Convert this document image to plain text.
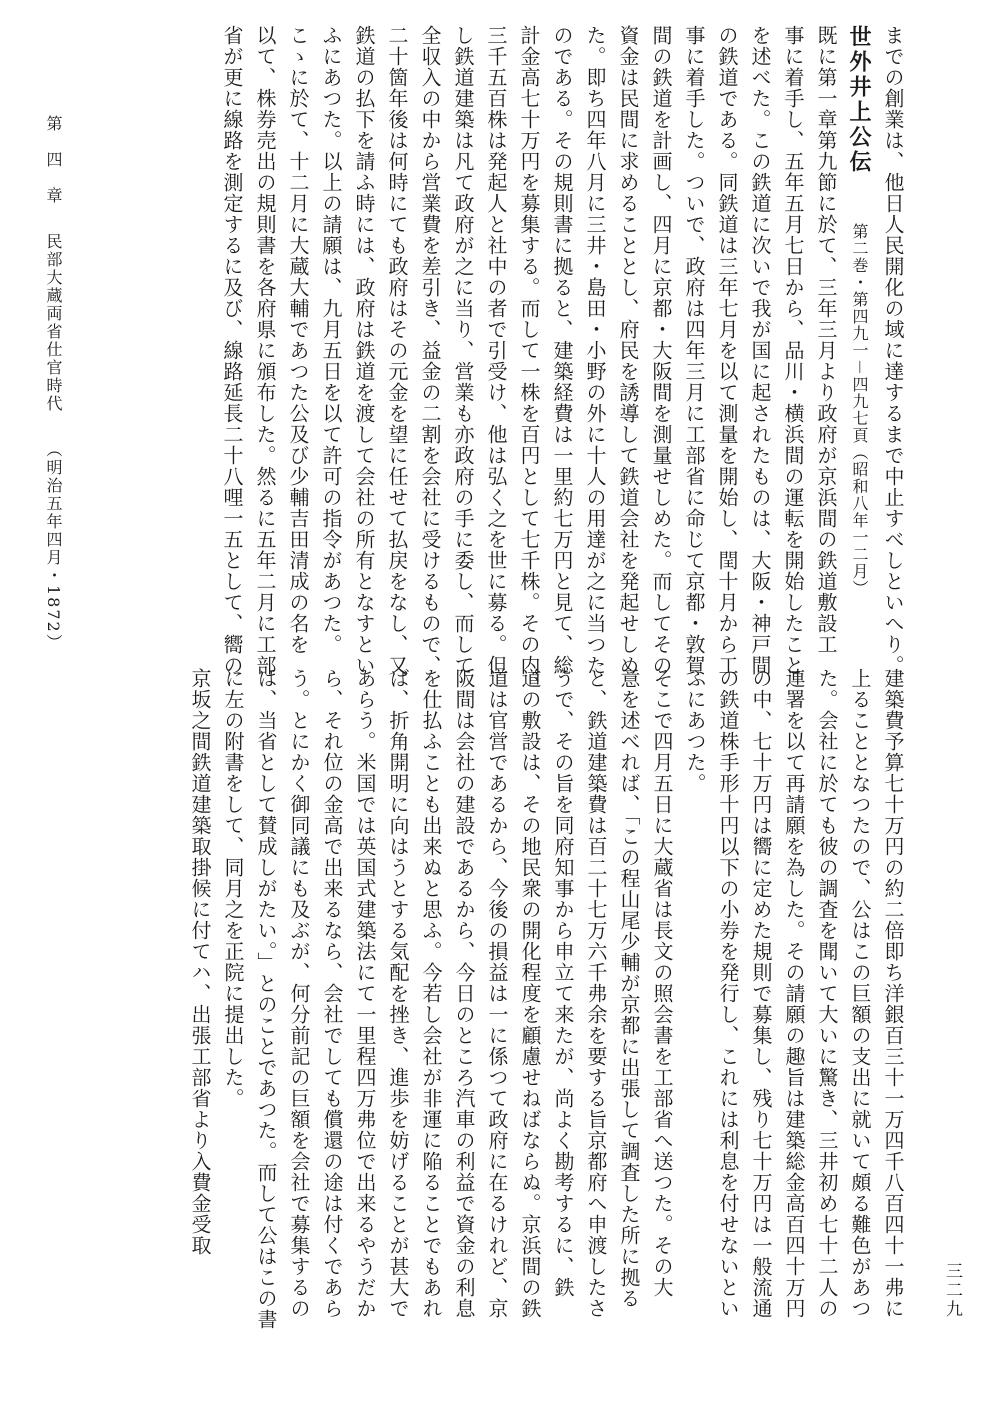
までの創業は、他日人民開化の域に達するまで中止すべしといへり。
世外井上公伝第二巻・第四九一－四九七頁（昭和八年一二月）
既に第一章第九節に於て、三年三月より政府が京浜間の鉄道敷設工
事に着手し、五年五月七日から、品川・横浜間の運転を開始したこと
を述べた。この鉄道に次いで我が国に起されたものは、大阪・神戸間
の鉄道である。同鉄道は三年七月を以て測量を開始し、閏十月から工
事に着手した。ついで、政府は四年三月に工部省に命じて京都・敦賀
間の鉄道を計画し、四月に京都・大阪間を測量せしめた。而してその
資金は民間に求めることとし、府民を誘導して鉄道会社を発起せしめ
た。即ち四年八月に三井・島田・小野の外に十人の用達が之に当つた
のである。その規則書に拠ると、建築経費は一里約七万円と見て、総
計金高七十万円を募集する。而して一株を百円として七千株。その内、
三千五百株は発起人と社中の者で引受け、他は弘く之を世に募る。但
し鉄道建築は凡て政府が之に当り、営業も亦政府の手に委し、而して
全収入の中から営業費を差引き、益金の二割を会社に受けるもので、
二十箇年後は何時にても政府はその元金を望に任せて払戻をなし、又
鉄道の払下を請ふ時には、政府は鉄道を渡して会社の所有となすとい
ふにあつた。以上の請願は、九月五日を以て許可の指令があつた。
こゝに於て、十二月に大蔵大輔であつた公及び少輔吉田清成の名を
以て、株券売出の規則書を各府県に頒布した。然るに五年二月に工部
省が更に線路を測定するに及び、線路延長二十八哩一五として、嚮の
建築費予算七十万円の約二倍即ち洋銀百三十一万四千八百四十一弗に
上ることとなつたので、公はこの巨額の支出に就いて頗る難色があつ
た。会社に於ても彼の調査を聞いて大いに驚き、三井初め七十二人の
連署を以て再請願を為した。その請願の趣旨は建築総金高百四十万円
の中、七十万円は嚮に定めた規則で募集し、残り七十万円は一般流通
の鉄道株手形十円以下の小券を発行し、これには利息を付せないとい
ふにあつた。
そこで四月五日に大蔵省は長文の照会書を工部省へ送つた。その大
意を述べれば、「この程山尾少輔が京都に出張して調査した所に拠る
と、鉄道建築費は百二十七万六千弗余を要する旨京都府へ申渡したさ
うで、その旨を同府知事から申立て来たが、尚よく勘考するに、鉄
道の敷設は、その地民衆の開化程度を顧慮せねばならぬ。京浜間の鉄
道は官営であるから、今後の損益は一に係つて政府に在るけれど、京
阪間は会社の建設であるから、今日のところ汽車の利益で資金の利息
を仕払ふことも出来ぬと思ふ。今若し会社が非運に陥ることでもあれ
ば、折角開明に向はうとする気配を挫き、進歩を妨げることが甚大で
あらう。米国では英国式建築法にて一里程四万弗位で出来るやうだか
ら、それ位の金高で出来るなら、会社でしても償還の途は付くであら
う。とにかく御同議にも及ぶが、何分前記の巨額を会社で募集するの
は、当省として賛成しがたい。」とのことであつた。而して公はこの書
に左の附書をして、同月之を正院に提出した。
京坂之間鉄道建築取掛候に付てハ、出張工部省より入費金受取
第　四　章民部大蔵両省仕官時代（明治五年四月・1872）
三二九
